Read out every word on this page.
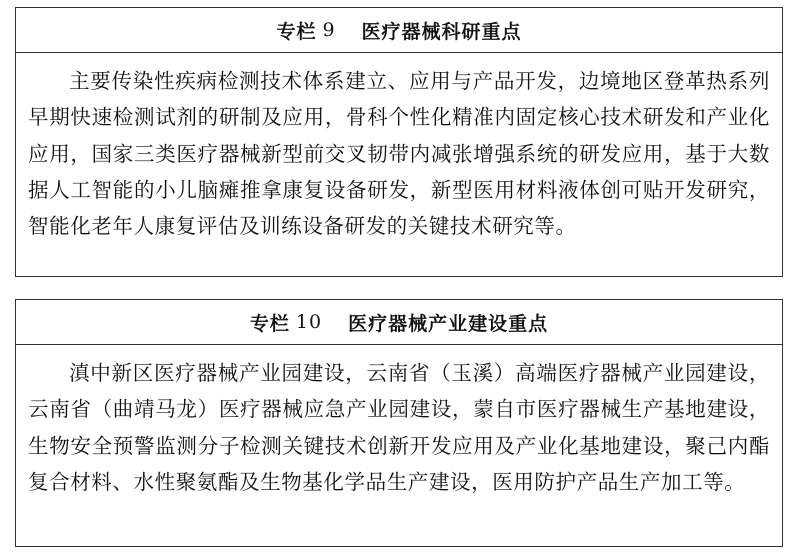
专栏 9 医疗器械科研重点
主要传染性疾病检测技术体系建立、应用与产品开发，边境地区登革热系列早期快速检测试剂的研制及应用，骨科个性化精准内固定核心技术研发和产业化应用，国家三类医疗器械新型前交叉韧带内减张增强系统的研发应用，基于大数据人工智能的小儿脑瘫推拿康复设备研发，新型医用材料液体创可贴开发研究，智能化老年人康复评估及训练设备研发的关键技术研究等。
专栏 10 医疗器械产业建设重点
滇中新区医疗器械产业园建设，云南省（玉溪）高端医疗器械产业园建设，云南省（曲靖马龙）医疗器械应急产业园建设，蒙自市医疗器械生产基地建设，生物安全预警监测分子检测关键技术创新开发应用及产业化基地建设，聚己内酯复合材料、水性聚氨酯及生物基化学品生产建设，医用防护产品生产加工等。
